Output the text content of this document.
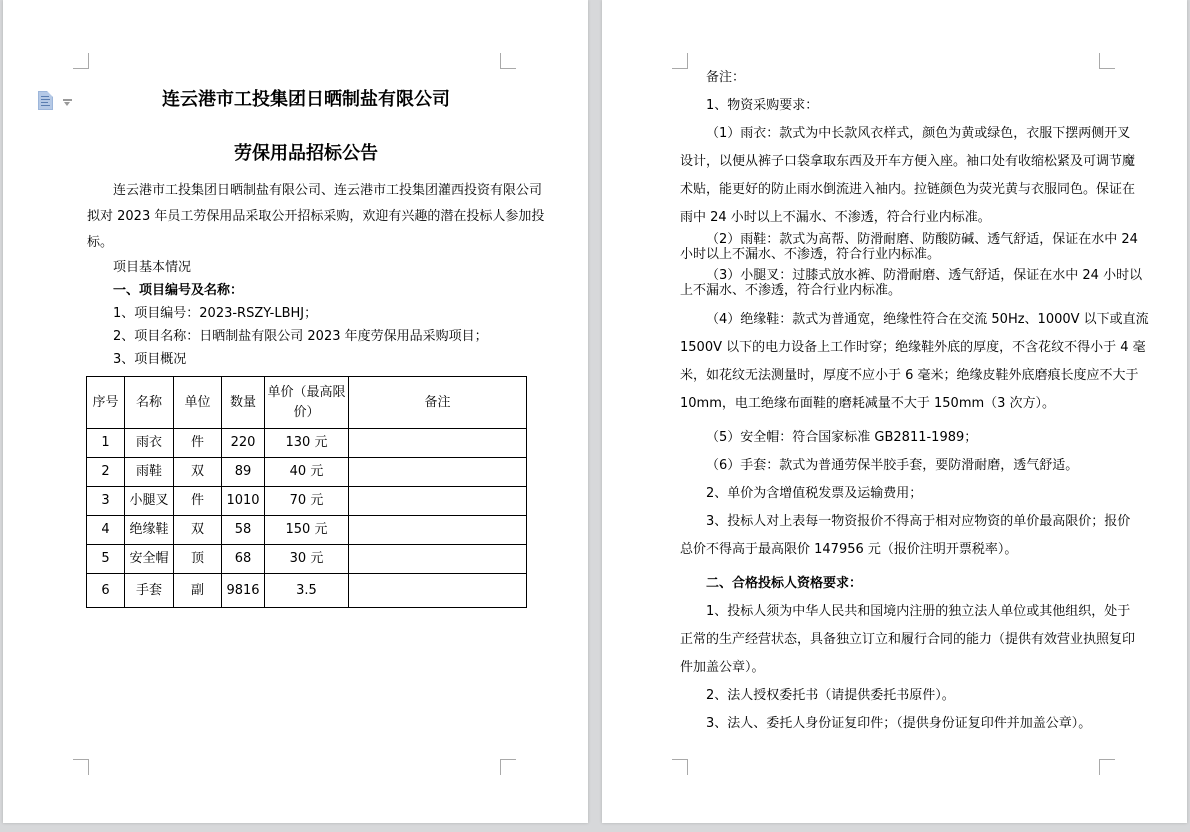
连云港市工投集团日晒制盐有限公司
劳保用品招标公告
连云港市工投集团日晒制盐有限公司、连云港市工投集团灌西投资有限公司
拟对 2023 年员工劳保用品采取公开招标采购，欢迎有兴趣的潜在投标人参加投
标。
项目基本情况
一、项目编号及名称：
1、项目编号：2023-RSZY-LBHJ；
2、项目名称：日晒制盐有限公司 2023 年度劳保用品采购项目；
3、项目概况
序号	名称	单位	数量	单价（最高限价）	备注
1	雨衣	件	220	130 元	
2	雨鞋	双	89	40 元	
3	小腿叉	件	1010	70 元	
4	绝缘鞋	双	58	150 元	
5	安全帽	顶	68	30 元	
6	手套	副	9816	3.5	
备注：
1、物资采购要求：
（1）雨衣：款式为中长款风衣样式，颜色为黄或绿色，衣服下摆两侧开叉
设计，以便从裤子口袋拿取东西及开车方便入座。袖口处有收缩松紧及可调节魔
术贴，能更好的防止雨水倒流进入袖内。拉链颜色为荧光黄与衣服同色。保证在
雨中 24 小时以上不漏水、不渗透，符合行业内标准。
（2）雨鞋：款式为高帮、防滑耐磨、防酸防碱、透气舒适，保证在水中 24
小时以上不漏水、不渗透，符合行业内标准。
（3）小腿叉：过膝式放水裤、防滑耐磨、透气舒适，保证在水中 24 小时以
上不漏水、不渗透，符合行业内标准。
（4）绝缘鞋：款式为普通宽，绝缘性符合在交流 50Hz、1000V 以下或直流
1500V 以下的电力设备上工作时穿；绝缘鞋外底的厚度，不含花纹不得小于 4 毫
米，如花纹无法测量时，厚度不应小于 6 毫米；绝缘皮鞋外底磨痕长度应不大于
10mm，电工绝缘布面鞋的磨耗减量不大于 150mm（3 次方）。
（5）安全帽：符合国家标准 GB2811-1989；
（6）手套：款式为普通劳保半胶手套，要防滑耐磨，透气舒适。
2、单价为含增值税发票及运输费用；
3、投标人对上表每一物资报价不得高于相对应物资的单价最高限价；报价
总价不得高于最高限价 147956 元（报价注明开票税率）。
二、合格投标人资格要求：
1、投标人须为中华人民共和国境内注册的独立法人单位或其他组织，处于
正常的生产经营状态，具备独立订立和履行合同的能力（提供有效营业执照复印
件加盖公章）。
2、法人授权委托书（请提供委托书原件）。
3、法人、委托人身份证复印件；（提供身份证复印件并加盖公章）。
